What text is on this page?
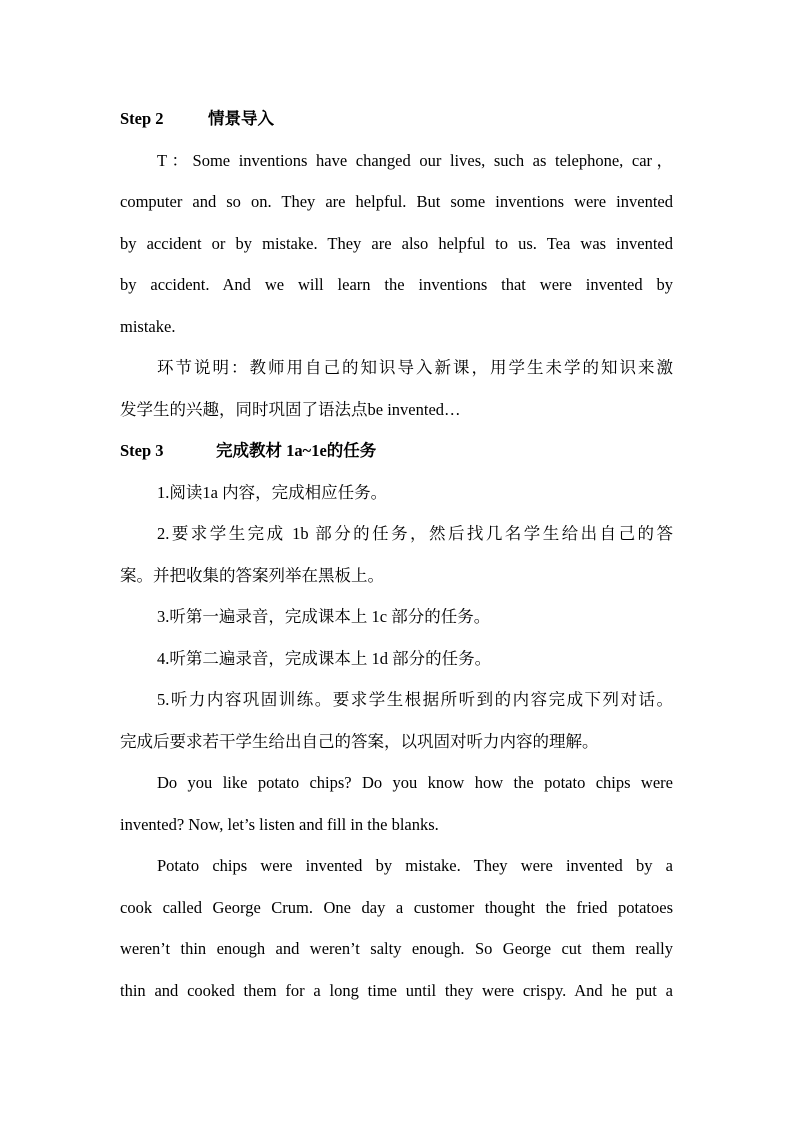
Step 2	情景导入
T：Some inventions have changed our lives, such as telephone, car，
computer and so on. They are helpful. But some inventions were invented
by accident or by mistake. They are also helpful to us. Tea was invented
by accident. And we will learn the inventions that were invented by
mistake.
环节说明：教师用自己的知识导入新课，用学生未学的知识来激
发学生的兴趣，同时巩固了语法点be invented…
Step 3	完成教材 1a~1e的任务
1.阅读1a 内容，完成相应任务。
2.要求学生完成 1b 部分的任务，然后找几名学生给出自己的答
案。并把收集的答案列举在黑板上。
3.听第一遍录音，完成课本上 1c 部分的任务。
4.听第二遍录音，完成课本上 1d 部分的任务。
5.听力内容巩固训练。要求学生根据所听到的内容完成下列对话。
完成后要求若干学生给出自己的答案，以巩固对听力内容的理解。
Do you like potato chips? Do you know how the potato chips were
invented? Now, let’s listen and fill in the blanks.
Potato chips were invented by mistake. They were invented by a
cook called George Crum. One day a customer thought the fried potatoes
weren’t thin enough and weren’t salty enough. So George cut them really
thin and cooked them for a long time until they were crispy. And he put a
